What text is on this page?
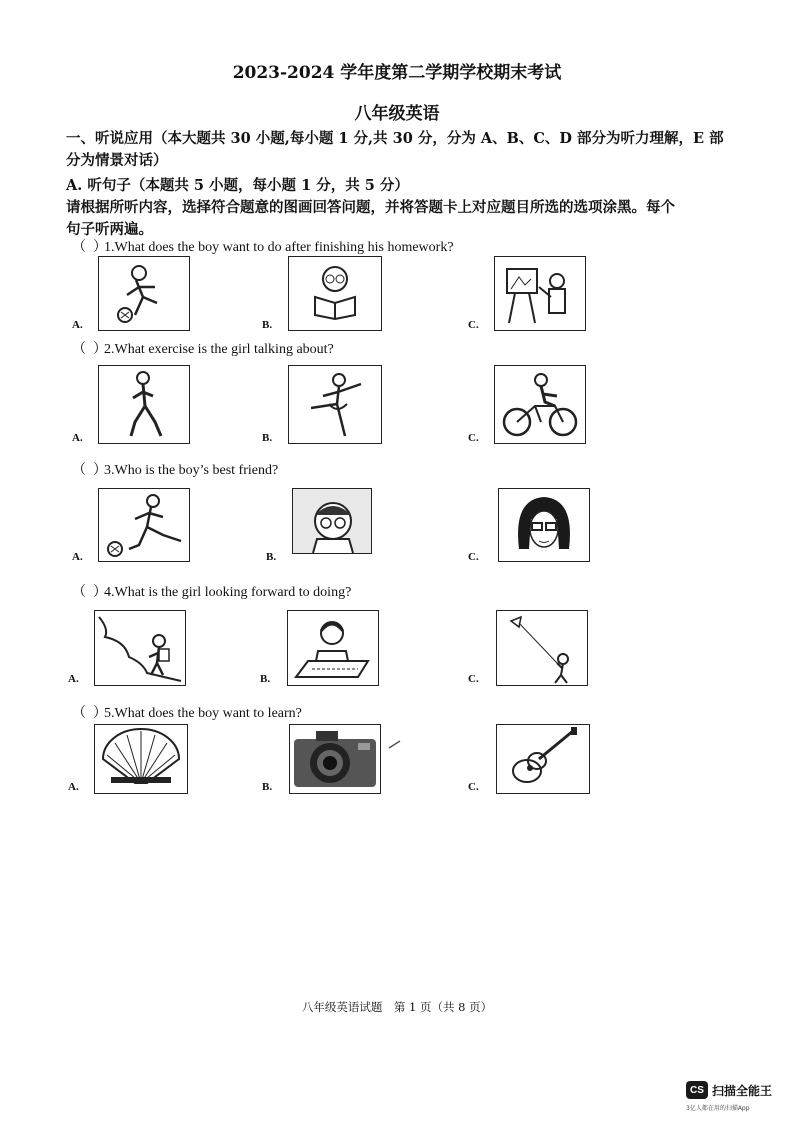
2023-2024 学年度第二学期学校期末考试
八年级英语
一、听说应用（本大题共 30 小题,每小题 1 分,共 30 分，分为 A、B、C、D 部分为听力理解，E 部
分为情景对话）
A. 听句子（本题共 5 小题，每小题 1 分，共 5 分）
请根据所听内容，选择符合题意的图画回答问题，并将答题卡上对应题目所选的选项涂黑。每个
句子听两遍。
（ ）1.What does the boy want to do after finishing his homework?
A.	B.	C.
（ ）2.What exercise is the girl talking about?
A.	B.	C.
（ ）3.Who is the boy’s best friend?
A.	B.	C.
（ ）4.What is the girl looking forward to doing?
A.	B.	C.
（ ）5.What does the boy want to learn?
A.	B.	C.
八年级英语试题　第 1 页（共 8 页）
CS 扫描全能王
3亿人都在用的扫描App
